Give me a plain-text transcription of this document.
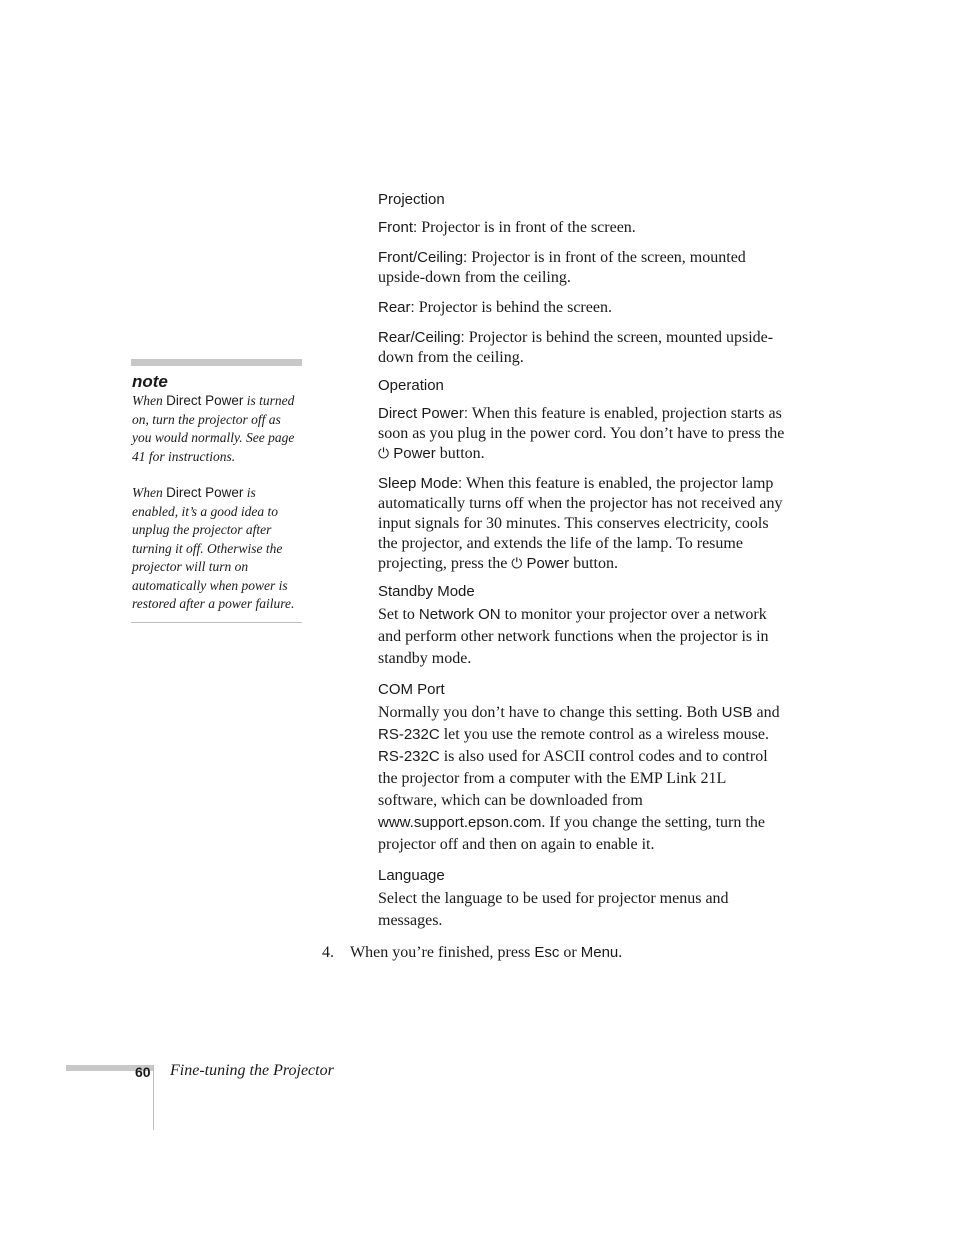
note

When Direct Power is turned on, turn the projector off as you would normally. See page 41 for instructions.

When Direct Power is enabled, it’s a good idea to unplug the projector after turning it off. Otherwise the projector will turn on automatically when power is restored after a power failure.

Projection

Front: Projector is in front of the screen.

Front/Ceiling: Projector is in front of the screen, mounted upside-down from the ceiling.

Rear: Projector is behind the screen.

Rear/Ceiling: Projector is behind the screen, mounted upside-down from the ceiling.

Operation

Direct Power: When this feature is enabled, projection starts as soon as you plug in the power cord. You don’t have to press the ⏻ Power button.

Sleep Mode: When this feature is enabled, the projector lamp automatically turns off when the projector has not received any input signals for 30 minutes. This conserves electricity, cools the projector, and extends the life of the lamp. To resume projecting, press the ⏻ Power button.

Standby Mode

Set to Network ON to monitor your projector over a network and perform other network functions when the projector is in standby mode.

COM Port

Normally you don’t have to change this setting. Both USB and RS-232C let you use the remote control as a wireless mouse. RS-232C is also used for ASCII control codes and to control the projector from a computer with the EMP Link 21L software, which can be downloaded from www.support.epson.com. If you change the setting, turn the projector off and then on again to enable it.

Language

Select the language to be used for projector menus and messages.

4. When you’re finished, press Esc or Menu.
60 Fine-tuning the Projector
